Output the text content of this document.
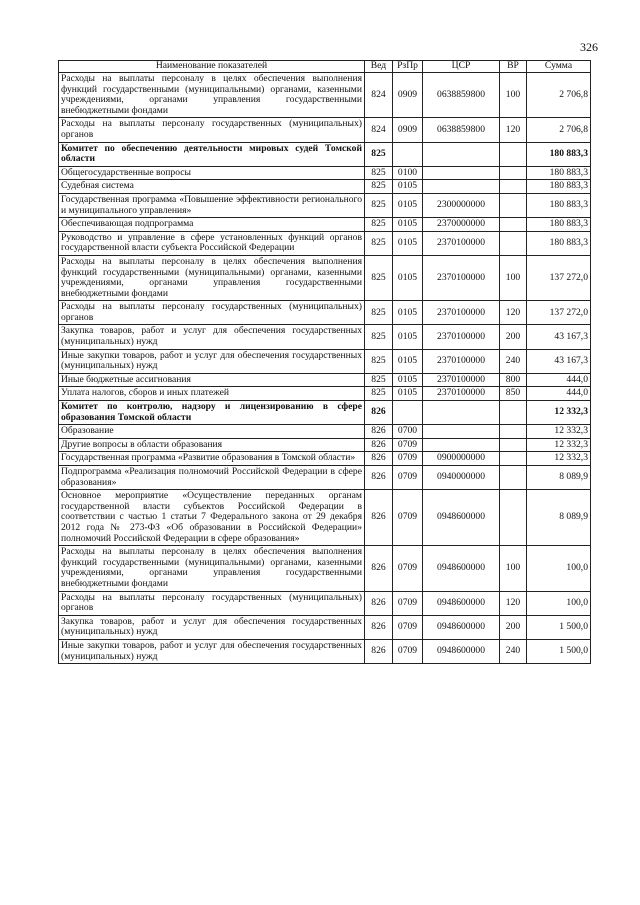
326
Наименование показателей	Вед	РзПр	ЦСР	ВР	Сумма
Расходы на выплаты персоналу в целях обеспечения выполнения функций государственными (муниципальными) органами, казенными учреждениями, органами управления государственными внебюджетными фондами	824	0909	0638859800	100	2 706,8
Расходы на выплаты персоналу государственных (муниципальных) органов	824	0909	0638859800	120	2 706,8
Комитет по обеспечению деятельности мировых судей Томской области	825				180 883,3
Общегосударственные вопросы	825	0100			180 883,3
Судебная система	825	0105			180 883,3
Государственная программа «Повышение эффективности регионального и муниципального управления»	825	0105	2300000000		180 883,3
Обеспечивающая подпрограмма	825	0105	2370000000		180 883,3
Руководство и управление в сфере установленных функций органов государственной власти субъекта Российской Федерации	825	0105	2370100000		180 883,3
Расходы на выплаты персоналу в целях обеспечения выполнения функций государственными (муниципальными) органами, казенными учреждениями, органами управления государственными внебюджетными фондами	825	0105	2370100000	100	137 272,0
Расходы на выплаты персоналу государственных (муниципальных) органов	825	0105	2370100000	120	137 272,0
Закупка товаров, работ и услуг для обеспечения государственных (муниципальных) нужд	825	0105	2370100000	200	43 167,3
Иные закупки товаров, работ и услуг для обеспечения государственных (муниципальных) нужд	825	0105	2370100000	240	43 167,3
Иные бюджетные ассигнования	825	0105	2370100000	800	444,0
Уплата налогов, сборов и иных платежей	825	0105	2370100000	850	444,0
Комитет по контролю, надзору и лицензированию в сфере образования Томской области	826				12 332,3
Образование	826	0700			12 332,3
Другие вопросы в области образования	826	0709			12 332,3
Государственная программа «Развитие образования в Томской области»	826	0709	0900000000		12 332,3
Подпрограмма «Реализация полномочий Российской Федерации в сфере образования»	826	0709	0940000000		8 089,9
Основное мероприятие «Осуществление переданных органам государственной власти субъектов Российской Федерации в соответствии с частью 1 статьи 7 Федерального закона от 29 декабря 2012 года № 273-ФЗ «Об образовании в Российской Федерации» полномочий Российской Федерации в сфере образования»	826	0709	0948600000		8 089,9
Расходы на выплаты персоналу в целях обеспечения выполнения функций государственными (муниципальными) органами, казенными учреждениями, органами управления государственными внебюджетными фондами	826	0709	0948600000	100	100,0
Расходы на выплаты персоналу государственных (муниципальных) органов	826	0709	0948600000	120	100,0
Закупка товаров, работ и услуг для обеспечения государственных (муниципальных) нужд	826	0709	0948600000	200	1 500,0
Иные закупки товаров, работ и услуг для обеспечения государственных (муниципальных) нужд	826	0709	0948600000	240	1 500,0
